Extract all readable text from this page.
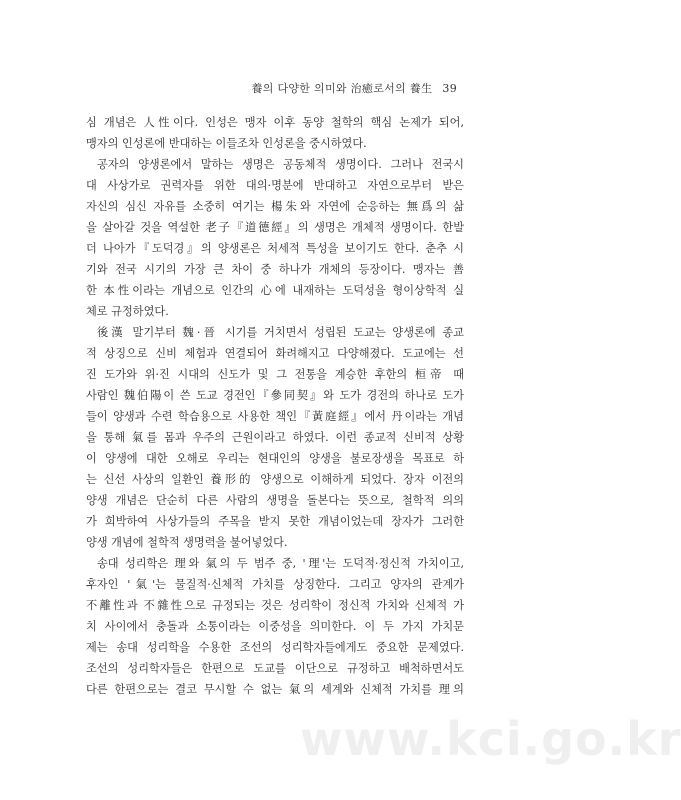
養의 다양한 의미와 治癒로서의 養生 39
심 개념은 人性이다. 인성은 맹자 이후 동양 철학의 핵심 논제가 되어,
맹자의 인성론에 반대하는 이들조차 인성론을 중시하였다.
공자의 양생론에서 말하는 생명은 공동체적 생명이다. 그러나 전국시
대 사상가로 권력자를 위한 대의·명분에 반대하고 자연으로부터 받은
자신의 심신 자유를 소중히 여기는 楊朱와 자연에 순응하는 無爲의 삶
을 살아갈 것을 역설한 老子『道德經』의 생명은 개체적 생명이다. 한발
더 나아가『도덕경』의 양생론은 처세적 특성을 보이기도 한다. 춘추 시
기와 전국 시기의 가장 큰 차이 중 하나가 개체의 등장이다. 맹자는 善
한 本性이라는 개념으로 인간의 心에 내재하는 도덕성을 형이상학적 실
체로 규정하였다.
後漢 말기부터 魏·晉 시기를 거치면서 성립된 도교는 양생론에 종교
적 상징으로 신비 체험과 연결되어 화려해지고 다양해졌다. 도교에는 선
진 도가와 위·진 시대의 신도가 및 그 전통을 계승한 후한의 桓帝 때
사람인 魏伯陽이 쓴 도교 경전인『參同契』와 도가 경전의 하나로 도가
들이 양생과 수련 학습용으로 사용한 책인『黃庭經』에서 丹이라는 개념
을 통해 氣를 몸과 우주의 근원이라고 하였다. 이런 종교적 신비적 상황
이 양생에 대한 오해로 우리는 현대인의 양생을 불로장생을 목표로 하
는 신선 사상의 일환인 養形的 양생으로 이해하게 되었다. 장자 이전의
양생 개념은 단순히 다른 사람의 생명을 돌본다는 뜻으로, 철학적 의의
가 희박하여 사상가들의 주목을 받지 못한 개념이었는데 장자가 그러한
양생 개념에 철학적 생명력을 불어넣었다.
송대 성리학은 理와 氣의 두 범주 중, '理'는 도덕적·정신적 가치이고,
후자인 '氣'는 물질적·신체적 가치를 상징한다. 그리고 양자의 관계가
不離性과 不雜性으로 규정되는 것은 성리학이 정신적 가치와 신체적 가
치 사이에서 충돌과 소통이라는 이중성을 의미한다. 이 두 가지 가치문
제는 송대 성리학을 수용한 조선의 성리학자들에게도 중요한 문제였다.
조선의 성리학자들은 한편으로 도교를 이단으로 규정하고 배척하면서도
다른 한편으로는 결코 무시할 수 없는 氣의 세계와 신체적 가치를 理의
www.kci.go.kr
